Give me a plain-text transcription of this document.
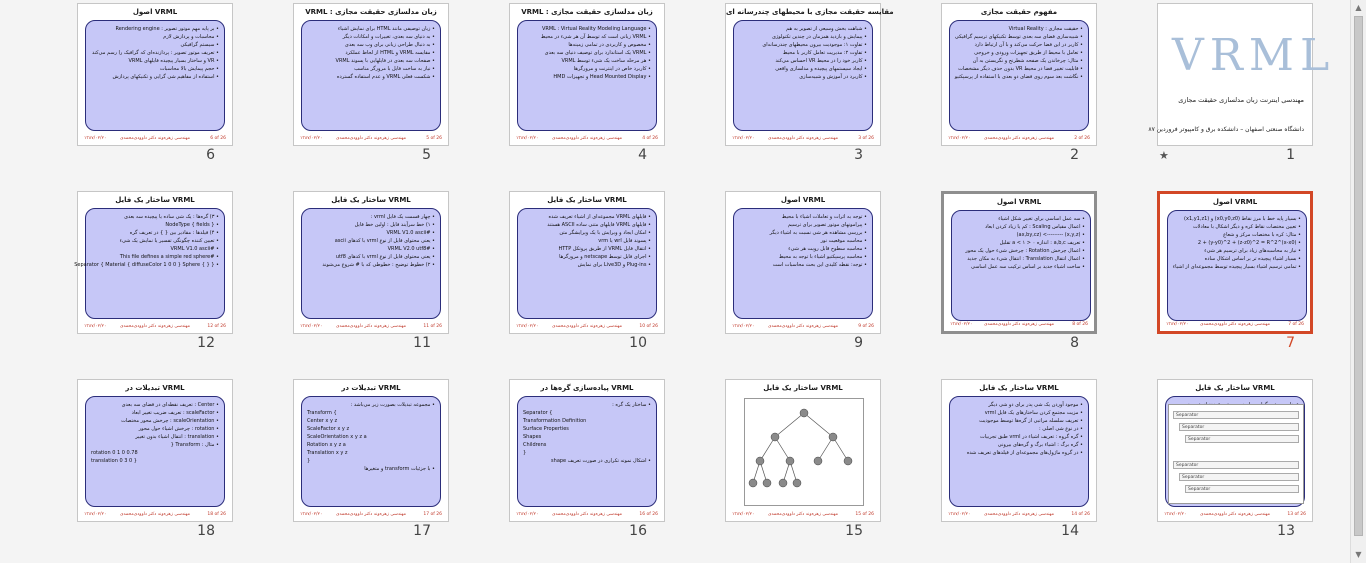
VRML
مهندسی اینترنت زبان مدلسازی حقیقت مجازی
دانشگاه صنعتی اصفهان – دانشکده برق و کامپیوتر فروردین ۸۷
★	1
مفهوم حقیقت مجازی
• حقیقت مجازی : Virtual Reality
• شبیه‌سازی فضای سه بعدی توسط تکنیکهای ترسیم گرافیکی
• کاربر در این فضا حرکت می‌کند و با آن ارتباط دارد
• تعامل با محیط از طریق تجهیزات ورودی و خروجی
• مثال: چرخاندن یک صفحه شطرنج و نگریستن به آن
• قابلیت تغییر فضا در محیط VR بدون حذف دیگر مشخصات
• نگاشت بعد سوم روی فضای دو بعدی با استفاده از پرسپکتیو
۱۳۸۷/۰۲/۲۰	مهندسی زهره‌وند دکتر داوودی‌محمدی	2 of 26
2
مقایسه حقیقت مجازی با محیطهای چندرسانه ای
• شباهت بخش وسیعی از تصویر به هم
• پیمایش و بازدید همزمان در چندین تکنولوژی
• تفاوت ۱: موجودیت بیرون محیطهای چندرسانه‌ای
• تفاوت ۲: مدیریت تعامل کاربر با محیط
• کاربر خود را در محیط VR احساس می‌کند
• ایجاد سیستمهای پیچیده و مدلسازی واقعی
• کاربرد در آموزش و شبیه‌سازی
۱۳۸۷/۰۲/۲۰	مهندسی زهره‌وند دکتر داوودی‌محمدی	3 of 26
3
VRML : زبان مدلسازی حقیقت مجازی
• VRML : Virtual Reality Modeling Language
• VRML زبانی است که توسط آن هر شیء در محیط
• مخصوص و کاربردی در تمامی زمینه‌ها
• VRML یک استاندارد برای توصیف دنیای سه بعدی
• هر مرحله ساخت یک شیء توسط VRML
• کاربرد خاص در اینترنت و مرورگرها
• Head Mounted Display و تجهیزات HMD
۱۳۸۷/۰۲/۲۰	مهندسی زهره‌وند دکتر داوودی‌محمدی	4 of 26
4
VRML : زبان مدلسازی حقیقت مجازی
• زبان توصیفی مانند HTML برای نمایش اشیاء
• به دنیای سه بعدی، تغییرات و امکانات دیگر
• به دنبال طراحی زبانی برای وب سه بعدی
• مقایسه VRML و HTML از لحاظ عملکرد
• صفحات سه بعدی در فایلهایی با پسوند VRML
• نیاز به ساخت فایل با مرورگر مناسب
• شکست فعلی VRML و عدم استفاده گسترده
۱۳۸۷/۰۲/۲۰	مهندسی زهره‌وند دکتر داوودی‌محمدی	5 of 26
5
اصول VRML
• بر پایه مهم موتور تصویر : Rendering engine
• محاسبات و پردازش لازم
• سیستم گرافیکی
• تعریف موتور تصویر : پردازنده‌ای که گرافیک را رسم می‌کند
• VR و ساختار بسیار پیچیده فایلهای VRML
• حجم پیمایش بالا محاسبات
• استفاده از مفاهیم شی گرایی و تکنیکهای پردازش
۱۳۸۷/۰۲/۲۰	مهندسی زهره‌وند دکتر داوودی‌محمدی	6 of 26
6
اصول VRML
• بسیار پایه خط با مرز نقاط (x0,y0,z0) و (x1,y1,z1)
• تعیین مختصات نقاط کره و دیگر اشکال با معادلات
• مثال: کره با مختصات مرکز و شعاع
• (x-x0)^2 + (y-y0)^2 + (z-z0)^2 = R^2
• نیاز به محاسبه‌های زیاد برای ترسیم هر شیء
• بسیار اشیاء پیچیده تر بر اساس اشکال ساده
• تمامی ترسیم اشیاء بسیار پیچیده توسط مجموعه‌ای از اشیاء
۱۳۸۷/۰۲/۲۰	مهندسی زهره‌وند دکتر داوودی‌محمدی	7 of 26
7
اصول VRML
• سه عمل اساسی برای تغییر شکل اشیاء
• اعمال مقیاس Scaling : کم یا زیاد کردن ابعاد
• (x,y,z) ---------> (ax,by,cz)
• تعریف a,b,c : اندازه ۰ < a < ۱ تقلیل
• اعمال چرخش Rotation : چرخش شیء حول یک محور
• اعمال انتقال Translation : انتقال شیء به مکان جدید
• ساخت اشیاء جدید بر اساس ترکیب سه عمل اساسی
۱۳۸۷/۰۲/۲۰	مهندسی زهره‌وند دکتر داوودی‌محمدی	8 of 26
8
اصول VRML
• توجه به اثرات و تعاملات اشیاء با محیط
• پیرامونهای موتور تصویر برای ترسیم
• بررسی مشاهده هر شی نسبت به اشیاء دیگر
• محاسبه موقعیت نور
• محاسبه سطوح قابل رویت هر شیء
• محاسبه پرسپکتیو اشیاء با توجه به محیط
• توجه: نقطه کلیدی این بحث محاسبات است
۱۳۸۷/۰۲/۲۰	مهندسی زهره‌وند دکتر داوودی‌محمدی	9 of 26
9
ساختار یک فایل VRML
• فایلهای VRML مجموعه‌ای از اشیاء تعریف شده
• فایلهای VRML فایلهای متنی ساده ASCII هستند
• امکان ایجاد و ویرایش با یک ویرایشگر متن
• پسوند فایل wrl یا vrm
• انتقال فایل VRML از طریق پروتکل HTTP
• اجرای فایل توسط netscape و مرورگرها
• Plug-ins و Live3D برای نمایش
۱۳۸۷/۰۲/۲۰	مهندسی زهره‌وند دکتر داوودی‌محمدی	10 of 26
10
ساختار یک فایل VRML
• چهار قسمت یک فایل vrml :
• ۱) خط سرآیند فایل : اولین خط فایل
• #VRML V1.0 ascii
• یعنی محتوای فایل از نوع vrml با کدهای ascii
• #VRML V2.0 utf8
• یعنی محتوای فایل از نوع vrml با کدهای utf8
• ۲) خطوط توضیح : خطوطی که با # شروع می‌شوند
۱۳۸۷/۰۲/۲۰	مهندسی زهره‌وند دکتر داوودی‌محمدی	11 of 26
11
ساختار یک فایل VRML
• ۳) گره‌ها : یک شی ساده یا پیچیده سه بعدی
• NodeType { fields }
• ۴) فیلدها : مقادیر بین { } در تعریف گره
• تعیین کننده چگونگی تفسیر یا نمایش یک شیء
• #VRML V1.0 ascii
• #This file defines a simple red sphere
• Separator { Material { diffuseColor 1 0 0 } Sphere { } }
۱۳۸۷/۰۲/۲۰	مهندسی زهره‌وند دکتر داوودی‌محمدی	12 of 26
12
ساختار یک فایل VRML
Separator
Separator
Separator
Separator
Separator
Separator
۱۳۸۷/۰۲/۲۰	مهندسی زهره‌وند دکتر داوودی‌محمدی	13 of 26
13
ساختار یک فایل VRML
• موجود آوردن یک شی پدر برای دو شی دیگر
• مزیت مجتمع کردن ساختارهای یک فایل vrml
• تعریف سلسله مراتبی از گره‌ها توسط موجودیت
• در نوع شی اصلی :
• گره گروه : تعریف اشیاء در vrml طبق تجربیات
• گره برگ : اشیاء برگ و گره‌های بیرونی
• در گروه ماژول‌های مجموعه‌ای از فیلدهای تعریف شده
۱۳۸۷/۰۲/۲۰	مهندسی زهره‌وند دکتر داوودی‌محمدی	14 of 26
14
ساختار یک فایل VRML
۱۳۸۷/۰۲/۲۰	مهندسی زهره‌وند دکتر داوودی‌محمدی	15 of 26
15
پیاده‌سازی گره‌ها در VRML
• ساختار یک گره :
Separator {
Transformation Definition
Surface Properties
Shapes
Childrens
}
• اشکال نمونه تکراری در صورت تعریف shape
۱۳۸۷/۰۲/۲۰	مهندسی زهره‌وند دکتر داوودی‌محمدی	16 of 26
16
تبدیلات در VRML
• مجموعه تبدیلات بصورت زیر می‌باشد :
Transform {
Center x y z
ScaleFactor x y z
ScaleOrientation x y z a
Rotation x y z a
Translation x y z
}
• با جزئیات transform و متغیرها
۱۳۸۷/۰۲/۲۰	مهندسی زهره‌وند دکتر داوودی‌محمدی	17 of 26
17
تبدیلات در VRML
• Center : تعریف نقطه‌ای در فضای سه بعدی
• scaleFactor : تعریف ضریب تغییر ابعاد
• scaleOrientation : چرخش محور مختصات
• rotation : چرخش اشیاء حول محور
• translation : انتقال اشیاء بدون تغییر
• مثال : Transform {
rotation 0 1 0 0.78
translation 0 3 0 }
۱۳۸۷/۰۲/۲۰	مهندسی زهره‌وند دکتر داوودی‌محمدی	18 of 26
18
▲
▼
